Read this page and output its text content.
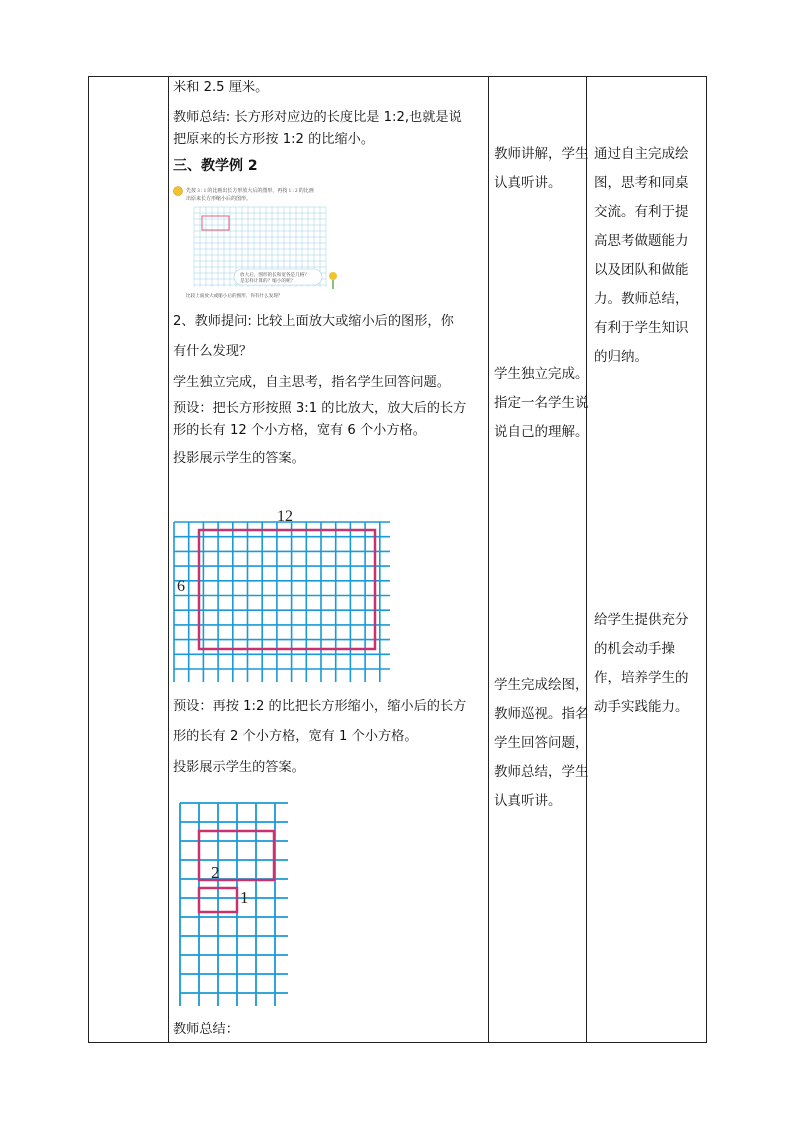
米和 2.5 厘米。
教师总结: 长方形对应边的长度比是 1:2,也就是说
把原来的长方形按 1:2 的比缩小。
三、教学例 2
先按 3 : 1 的比画出长方形放大后的图形，再按 1 : 2 的比画
出原来长方形缩小后的图形。
放大后，图形的长和宽各是几格？
是怎样计算的？缩小的呢？
比较上面放大或缩小后的图形，你有什么发现？
2、教师提问: 比较上面放大或缩小后的图形，你
有什么发现？
学生独立完成，自主思考，指名学生回答问题。
预设：把长方形按照 3:1 的比放大，放大后的长方
形的长有 12 个小方格，宽有 6 个小方格。
投影展示学生的答案。
12
6
预设：再按 1:2 的比把长方形缩小，缩小后的长方
形的长有 2 个小方格，宽有 1 个小方格。
投影展示学生的答案。
2
1
教师总结：
教师讲解，学生认真听讲。
学生独立完成。指定一名学生说说自己的理解。
学生完成绘图，教师巡视。指名学生回答问题，教师总结，学生认真听讲。
通过自主完成绘图，思考和同桌交流。有利于提高思考做题能力以及团队和做能力。教师总结，有利于学生知识的归纳。
给学生提供充分的机会动手操作，培养学生的动手实践能力。
